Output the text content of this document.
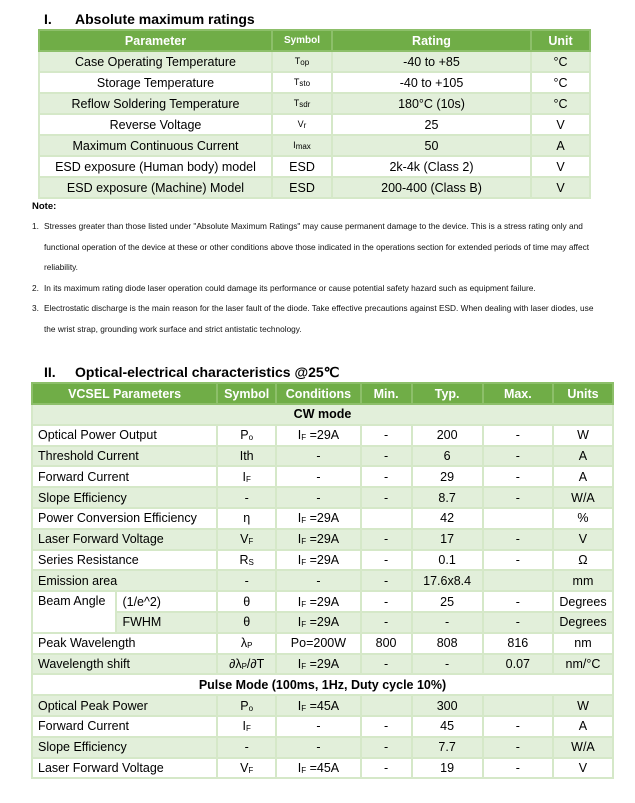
I. Absolute maximum ratings
Parameter	Symbol	Rating	Unit
Case Operating Temperature	$T_{op}$	-40 to +85	°C
Storage Temperature	$T_{sto}$	-40 to +105	°C
Reflow Soldering Temperature	$T_{sdr}$	180°C (10s)	°C
Reverse Voltage	$V_r$	25	V
Maximum Continuous Current	$I_{max}$	50	A
ESD exposure (Human body) model	ESD	2k-4k (Class 2)	V
ESD exposure (Machine) Model	ESD	200-400 (Class B)	V
Note:
1. Stresses greater than those listed under "Absolute Maximum Ratings" may cause permanent damage to the device. This is a stress rating only and functional operation of the device at these or other conditions above those indicated in the operations section for extended periods of time may affect reliability.
2. In its maximum rating diode laser operation could damage its performance or cause potential safety hazard such as equipment failure.
3. Electrostatic discharge is the main reason for the laser fault of the diode. Take effective precautions against ESD. When dealing with laser diodes, use the wrist strap, grounding work surface and strict antistatic technology.
II. Optical-electrical characteristics @25℃
VCSEL Parameters		Symbol	Conditions	Min.	Typ.	Max.	Units
CW mode							
Optical Power Output		$P_o$	$I_F =29A$	-	200	-	W
Threshold Current		Ith	-	-	6	-	A
Forward Current		$I_F$	-	-	29	-	A
Slope Efficiency		-	-	-	8.7	-	W/A
Power Conversion Efficiency		η	$I_F =29A$		42		%
Laser Forward Voltage		$V_F$	$I_F =29A$	-	17	-	V
Series Resistance		$R_S$	$I_F =29A$	-	0.1	-	Ω
Emission area		-	-	-	17.6x8.4		mm
Beam Angle	(1/e^2)	θ	$I_F =29A$	-	25	-	Degrees
	FWHM	θ	$I_F =29A$	-	-	-	Degrees
Peak Wavelength		$\lambda_P$	Po=200W	800	808	816	nm
Wavelength shift		$\partial\lambda_P/\partial T$	$I_F =29A$	-	-	0.07	nm/°C
Pulse Mode (100ms, 1Hz, Duty cycle 10%)							
Optical Peak Power		$P_o$	$I_F =45A$		300		W
Forward Current		$I_F$	-	-	45	-	A
Slope Efficiency		-	-	-	7.7	-	W/A
Laser Forward Voltage		$V_F$	$I_F =45A$	-	19	-	V
